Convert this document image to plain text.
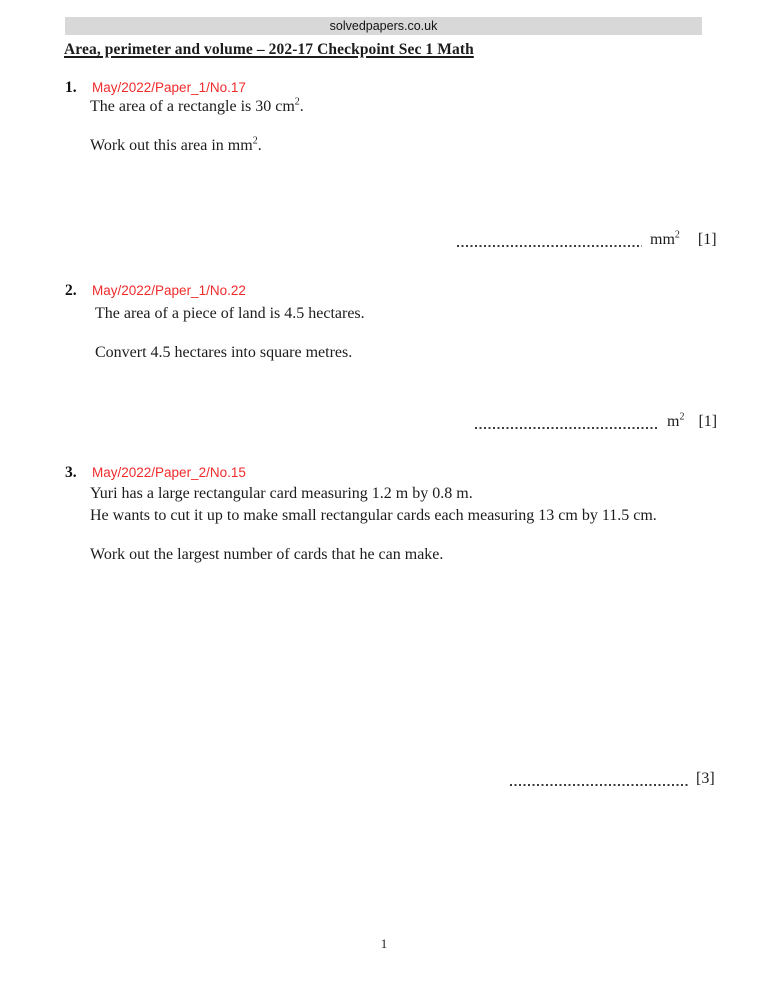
solvedpapers.co.uk
Area, perimeter and volume – 202-17 Checkpoint Sec 1 Math
1. May/2022/Paper_1/No.17
The area of a rectangle is 30 $cm^2$.
Work out this area in $mm^2$.
$mm^2$ [1]
2. May/2022/Paper_1/No.22
The area of a piece of land is 4.5 hectares.
Convert 4.5 hectares into square metres.
$m^2$ [1]
3. May/2022/Paper_2/No.15
Yuri has a large rectangular card measuring 1.2 m by 0.8 m.
He wants to cut it up to make small rectangular cards each measuring 13 cm by 11.5 cm.
Work out the largest number of cards that he can make.
[3]
1
